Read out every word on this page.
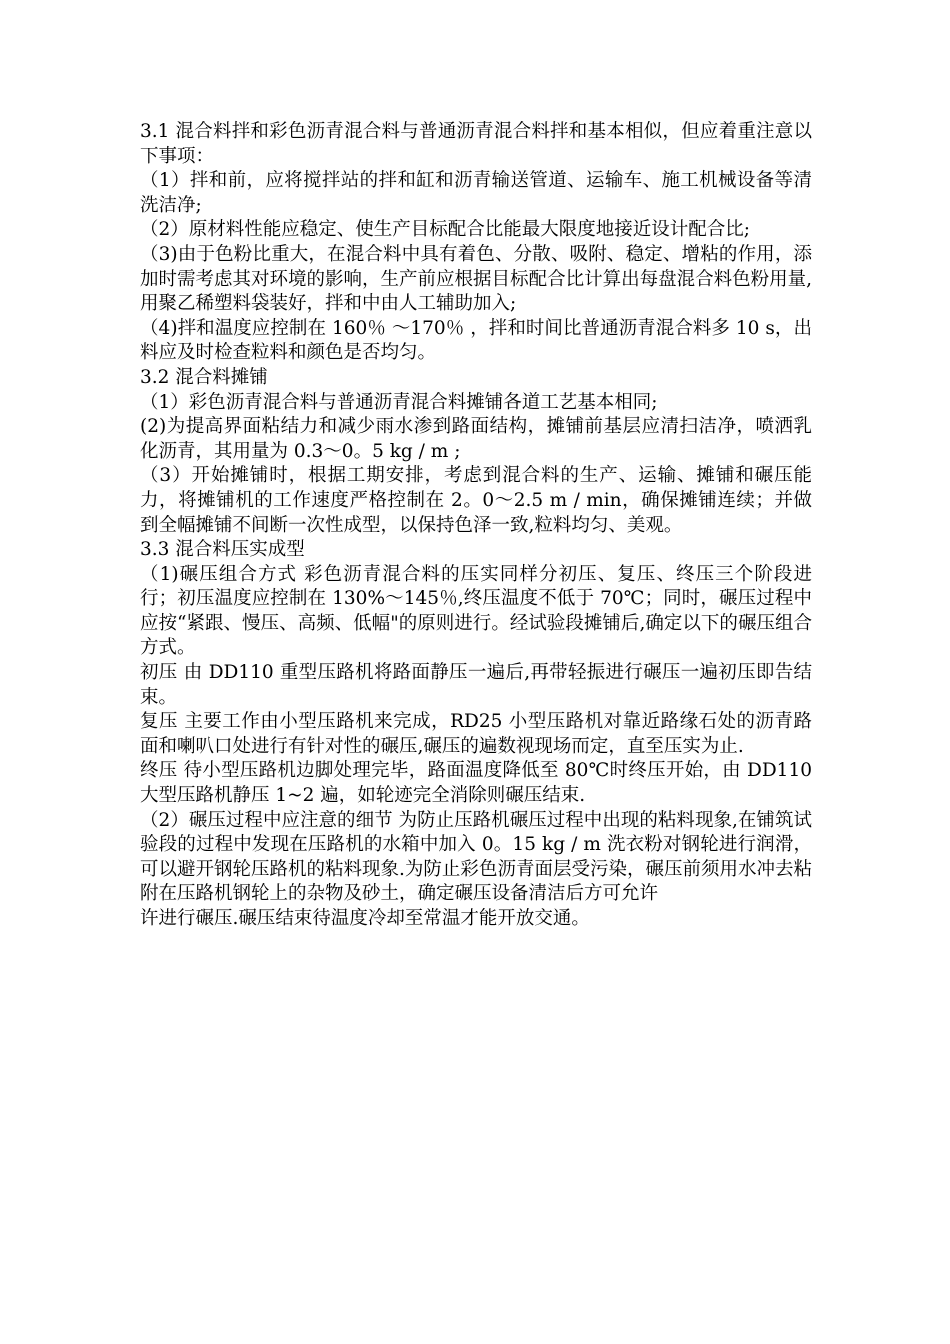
3.1 混合料拌和彩色沥青混合料与普通沥青混合料拌和基本相似，但应着重注意以下事项：

（1）拌和前，应将搅拌站的拌和缸和沥青输送管道、运输车、施工机械设备等清洗洁净;

（2）原材料性能应稳定、使生产目标配合比能最大限度地接近设计配合比;

（3)由于色粉比重大，在混合料中具有着色、分散、吸附、稳定、增粘的作用，添加时需考虑其对环境的影响，生产前应根据目标配合比计算出每盘混合料色粉用量,用聚乙稀塑料袋装好，拌和中由人工辅助加入;

（4)拌和温度应控制在 160％ ～170％ ，拌和时间比普通沥青混合料多 10 s，出料应及时检查粒料和颜色是否均匀。

3.2 混合料摊铺

（1）彩色沥青混合料与普通沥青混合料摊铺各道工艺基本相同;

(2)为提高界面粘结力和减少雨水渗到路面结构，摊铺前基层应清扫洁净，喷洒乳化沥青，其用量为 0.3～0。5 kg / m ;

（3）开始摊铺时，根据工期安排，考虑到混合料的生产、运输、摊铺和碾压能力，将摊铺机的工作速度严格控制在 2。0～2.5 m / min，确保摊铺连续；并做到全幅摊铺不间断一次性成型，以保持色泽一致,粒料均匀、美观。

3.3 混合料压实成型

（1)碾压组合方式 彩色沥青混合料的压实同样分初压、复压、终压三个阶段进行；初压温度应控制在 130%～145％,终压温度不低于 70℃；同时，碾压过程中应按“紧跟、慢压、高频、低幅"的原则进行。经试验段摊铺后,确定以下的碾压组合方式。

初压 由 DD110 重型压路机将路面静压一遍后,再带轻振进行碾压一遍初压即告结束。

复压 主要工作由小型压路机来完成，RD25 小型压路机对靠近路缘石处的沥青路面和喇叭口处进行有针对性的碾压,碾压的遍数视现场而定，直至压实为止.

终压 待小型压路机边脚处理完毕，路面温度降低至 80℃时终压开始，由 DD110 大型压路机静压 1~2 遍，如轮迹完全消除则碾压结束.

（2）碾压过程中应注意的细节 为防止压路机碾压过程中出现的粘料现象,在铺筑试验段的过程中发现在压路机的水箱中加入 0。15 kg / m 洗衣粉对钢轮进行润滑，可以避开钢轮压路机的粘料现象.为防止彩色沥青面层受污染，碾压前须用水冲去粘附在压路机钢轮上的杂物及砂土，确定碾压设备清洁后方可允许

许进行碾压.碾压结束待温度冷却至常温才能开放交通。
